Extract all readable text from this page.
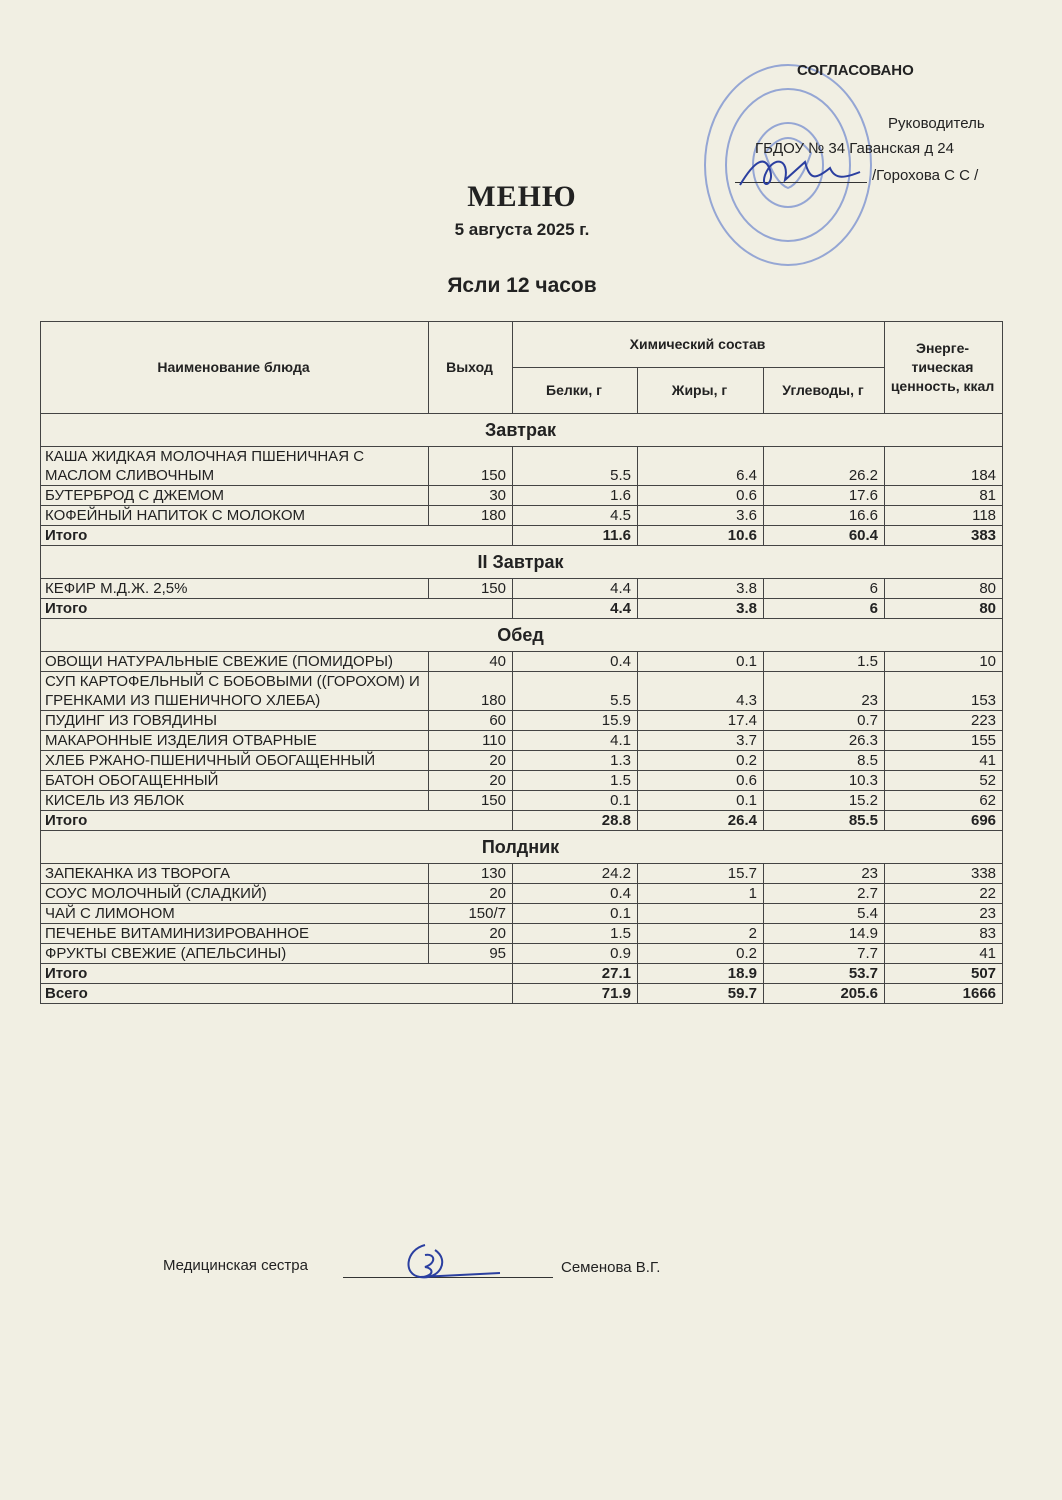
СОГЛАСОВАНО
Руководитель
ГБДОУ № 34 Гаванская д 24
/Горохова С С /
МЕНЮ
5 августа 2025 г.
Ясли 12 часов
Наименование блюда	Выход	Химический состав			Энерге-тическая ценность, ккал
		Белки, г	Жиры, г	Углеводы, г	
Завтрак					
КАША ЖИДКАЯ МОЛОЧНАЯ ПШЕНИЧНАЯ С МАСЛОМ СЛИВОЧНЫМ	150	5.5	6.4	26.2	184
БУТЕРБРОД С ДЖЕМОМ	30	1.6	0.6	17.6	81
КОФЕЙНЫЙ НАПИТОК С МОЛОКОМ	180	4.5	3.6	16.6	118
Итого		11.6	10.6	60.4	383
II Завтрак					
КЕФИР М.Д.Ж. 2,5%	150	4.4	3.8	6	80
Итого		4.4	3.8	6	80
Обед					
ОВОЩИ НАТУРАЛЬНЫЕ СВЕЖИЕ (ПОМИДОРЫ)	40	0.4	0.1	1.5	10
СУП КАРТОФЕЛЬНЫЙ С БОБОВЫМИ ((ГОРОХОМ) И ГРЕНКАМИ ИЗ ПШЕНИЧНОГО ХЛЕБА)	180	5.5	4.3	23	153
ПУДИНГ ИЗ ГОВЯДИНЫ	60	15.9	17.4	0.7	223
МАКАРОННЫЕ ИЗДЕЛИЯ ОТВАРНЫЕ	110	4.1	3.7	26.3	155
ХЛЕБ РЖАНО-ПШЕНИЧНЫЙ ОБОГАЩЕННЫЙ	20	1.3	0.2	8.5	41
БАТОН ОБОГАЩЕННЫЙ	20	1.5	0.6	10.3	52
КИСЕЛЬ ИЗ ЯБЛОК	150	0.1	0.1	15.2	62
Итого		28.8	26.4	85.5	696
Полдник					
ЗАПЕКАНКА ИЗ ТВОРОГА	130	24.2	15.7	23	338
СОУС МОЛОЧНЫЙ (СЛАДКИЙ)	20	0.4	1	2.7	22
ЧАЙ С ЛИМОНОМ	150/7	0.1		5.4	23
ПЕЧЕНЬЕ ВИТАМИНИЗИРОВАННОЕ	20	1.5	2	14.9	83
ФРУКТЫ СВЕЖИЕ (АПЕЛЬСИНЫ)	95	0.9	0.2	7.7	41
Итого		27.1	18.9	53.7	507
Всего		71.9	59.7	205.6	1666
Медицинская сестра	Семенова В.Г.
